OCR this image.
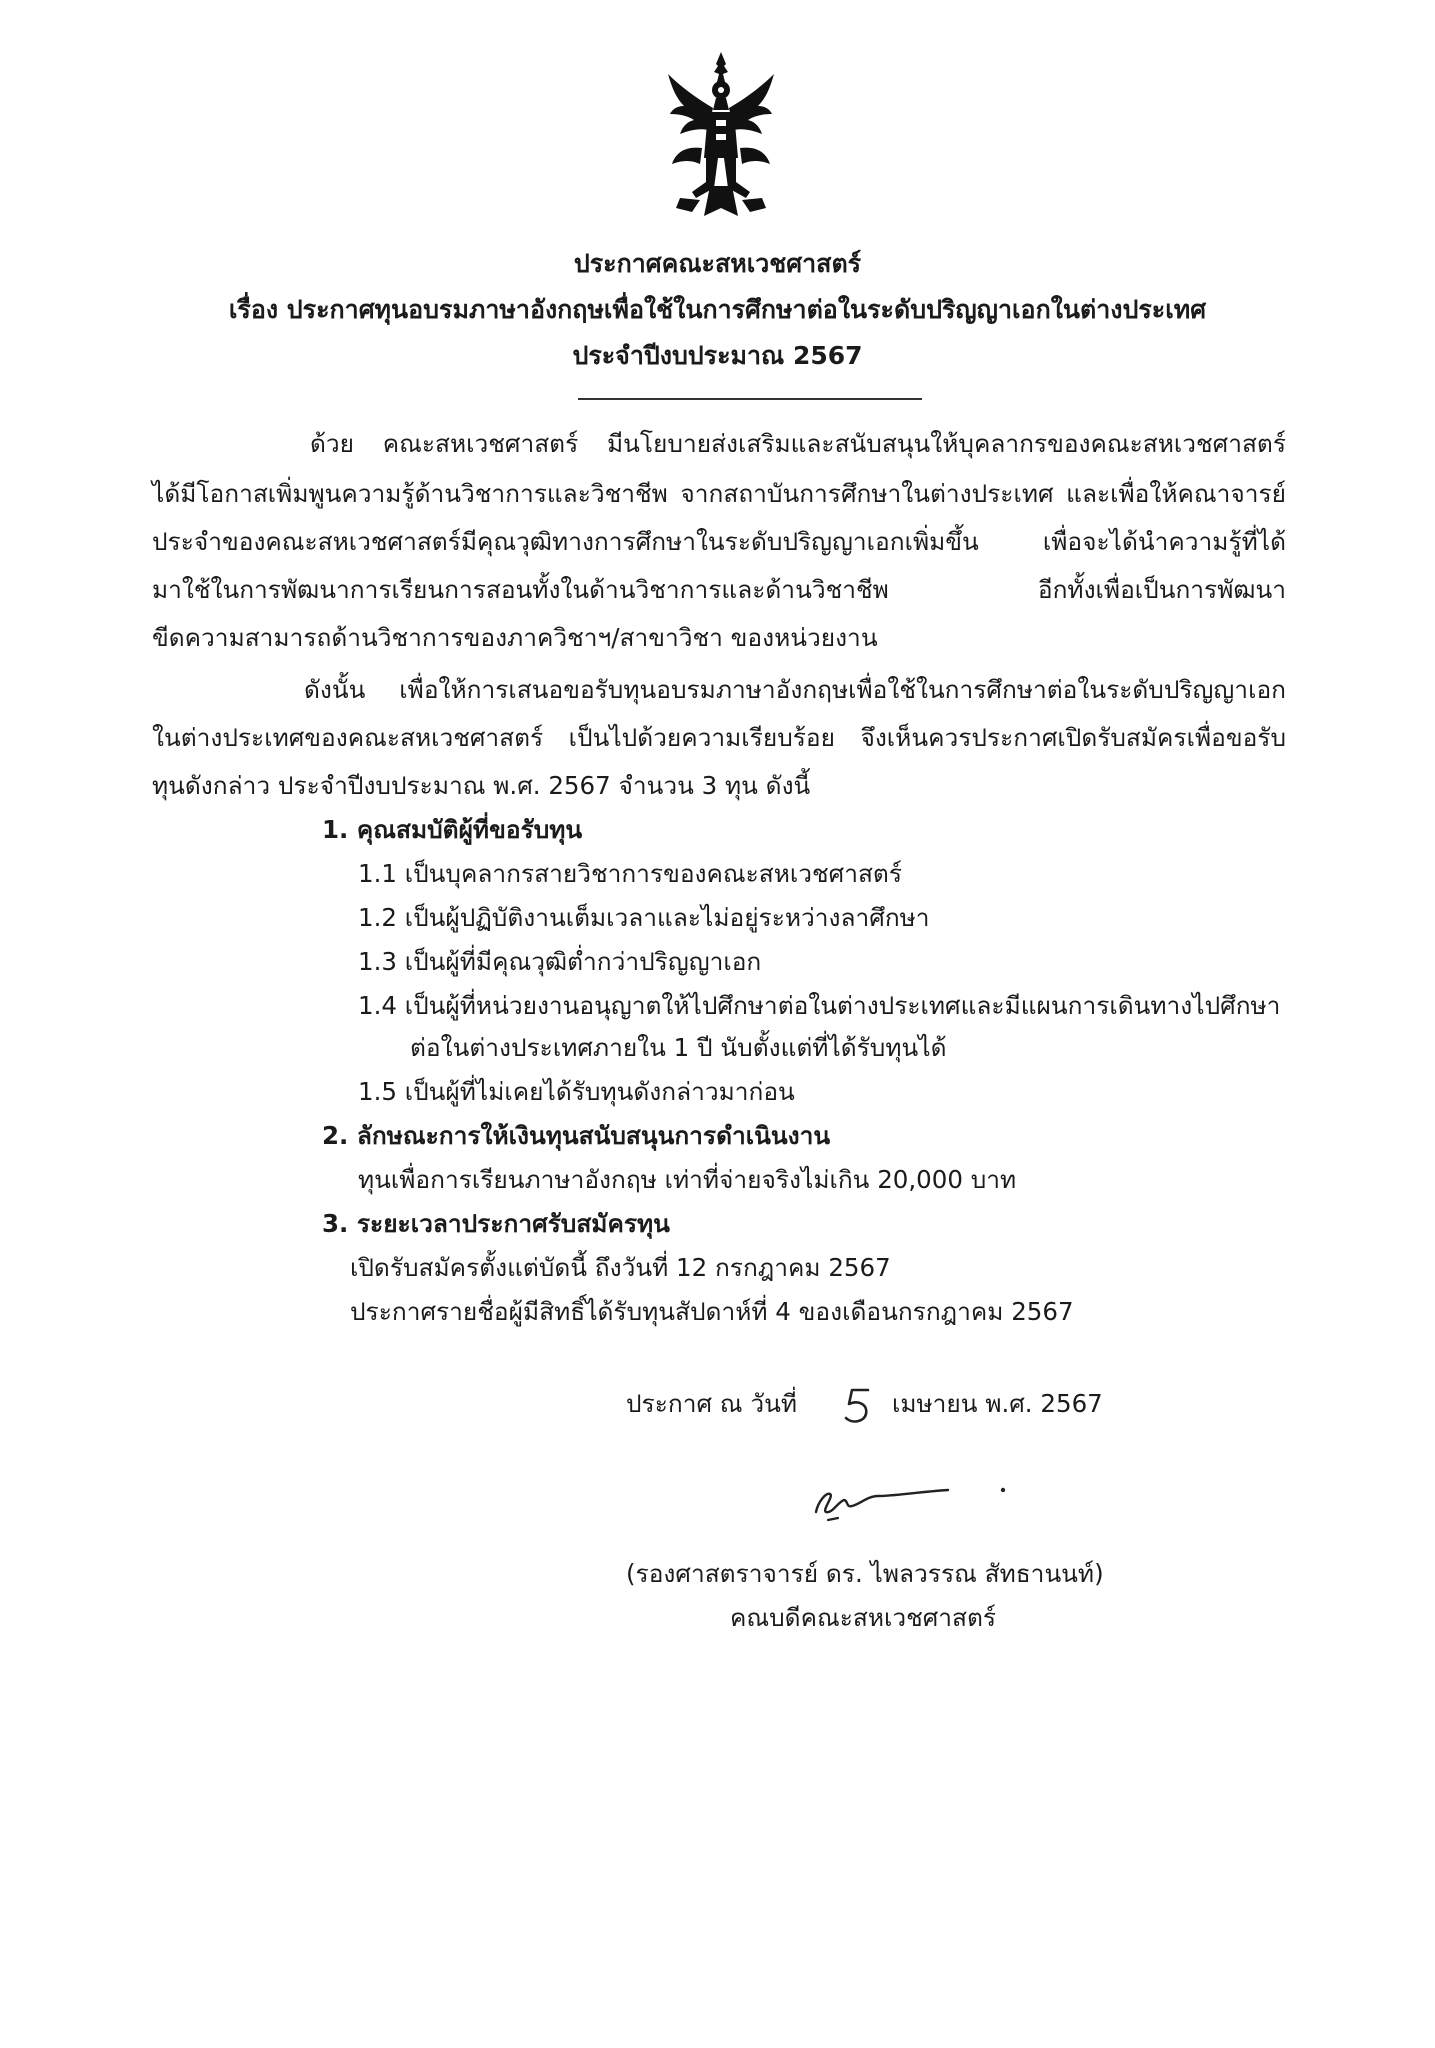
ประกาศคณะสหเวชศาสตร์
เรื่อง ประกาศทุนอบรมภาษาอังกฤษเพื่อใช้ในการศึกษาต่อในระดับปริญญาเอกในต่างประเทศ
ประจำปีงบประมาณ 2567
ด้วย คณะสหเวชศาสตร์ มีนโยบายส่งเสริมและสนับสนุนให้บุคลากรของคณะสหเวชศาสตร์
ได้มีโอกาสเพิ่มพูนความรู้ด้านวิชาการและวิชาชีพ จากสถาบันการศึกษาในต่างประเทศ และเพื่อให้คณาจารย์
ประจำของคณะสหเวชศาสตร์มีคุณวุฒิทางการศึกษาในระดับปริญญาเอกเพิ่มขึ้น เพื่อจะได้นำความรู้ที่ได้
มาใช้ในการพัฒนาการเรียนการสอนทั้งในด้านวิชาการและด้านวิชาชีพ อีกทั้งเพื่อเป็นการพัฒนา
ขีดความสามารถด้านวิชาการของภาควิชาฯ/สาขาวิชา ของหน่วยงาน
ดังนั้น เพื่อให้การเสนอขอรับทุนอบรมภาษาอังกฤษเพื่อใช้ในการศึกษาต่อในระดับปริญญาเอก
ในต่างประเทศของคณะสหเวชศาสตร์ เป็นไปด้วยความเรียบร้อย จึงเห็นควรประกาศเปิดรับสมัครเพื่อขอรับ
ทุนดังกล่าว ประจำปีงบประมาณ พ.ศ. 2567 จำนวน 3 ทุน ดังนี้
1. คุณสมบัติผู้ที่ขอรับทุน
1.1 เป็นบุคลากรสายวิชาการของคณะสหเวชศาสตร์
1.2 เป็นผู้ปฏิบัติงานเต็มเวลาและไม่อยู่ระหว่างลาศึกษา
1.3 เป็นผู้ที่มีคุณวุฒิต่ำกว่าปริญญาเอก
1.4 เป็นผู้ที่หน่วยงานอนุญาตให้ไปศึกษาต่อในต่างประเทศและมีแผนการเดินทางไปศึกษา
ต่อในต่างประเทศภายใน 1 ปี นับตั้งแต่ที่ได้รับทุนได้
1.5 เป็นผู้ที่ไม่เคยได้รับทุนดังกล่าวมาก่อน
2. ลักษณะการให้เงินทุนสนับสนุนการดำเนินงาน
ทุนเพื่อการเรียนภาษาอังกฤษ เท่าที่จ่ายจริงไม่เกิน 20,000 บาท
3. ระยะเวลาประกาศรับสมัครทุน
เปิดรับสมัครตั้งแต่บัดนี้ ถึงวันที่ 12 กรกฎาคม 2567
ประกาศรายชื่อผู้มีสิทธิ์ได้รับทุนสัปดาห์ที่ 4 ของเดือนกรกฎาคม 2567
ประกาศ ณ วันที่	เมษายน พ.ศ. 2567
(รองศาสตราจารย์ ดร. ไพลวรรณ สัทธานนท์)
คณบดีคณะสหเวชศาสตร์
